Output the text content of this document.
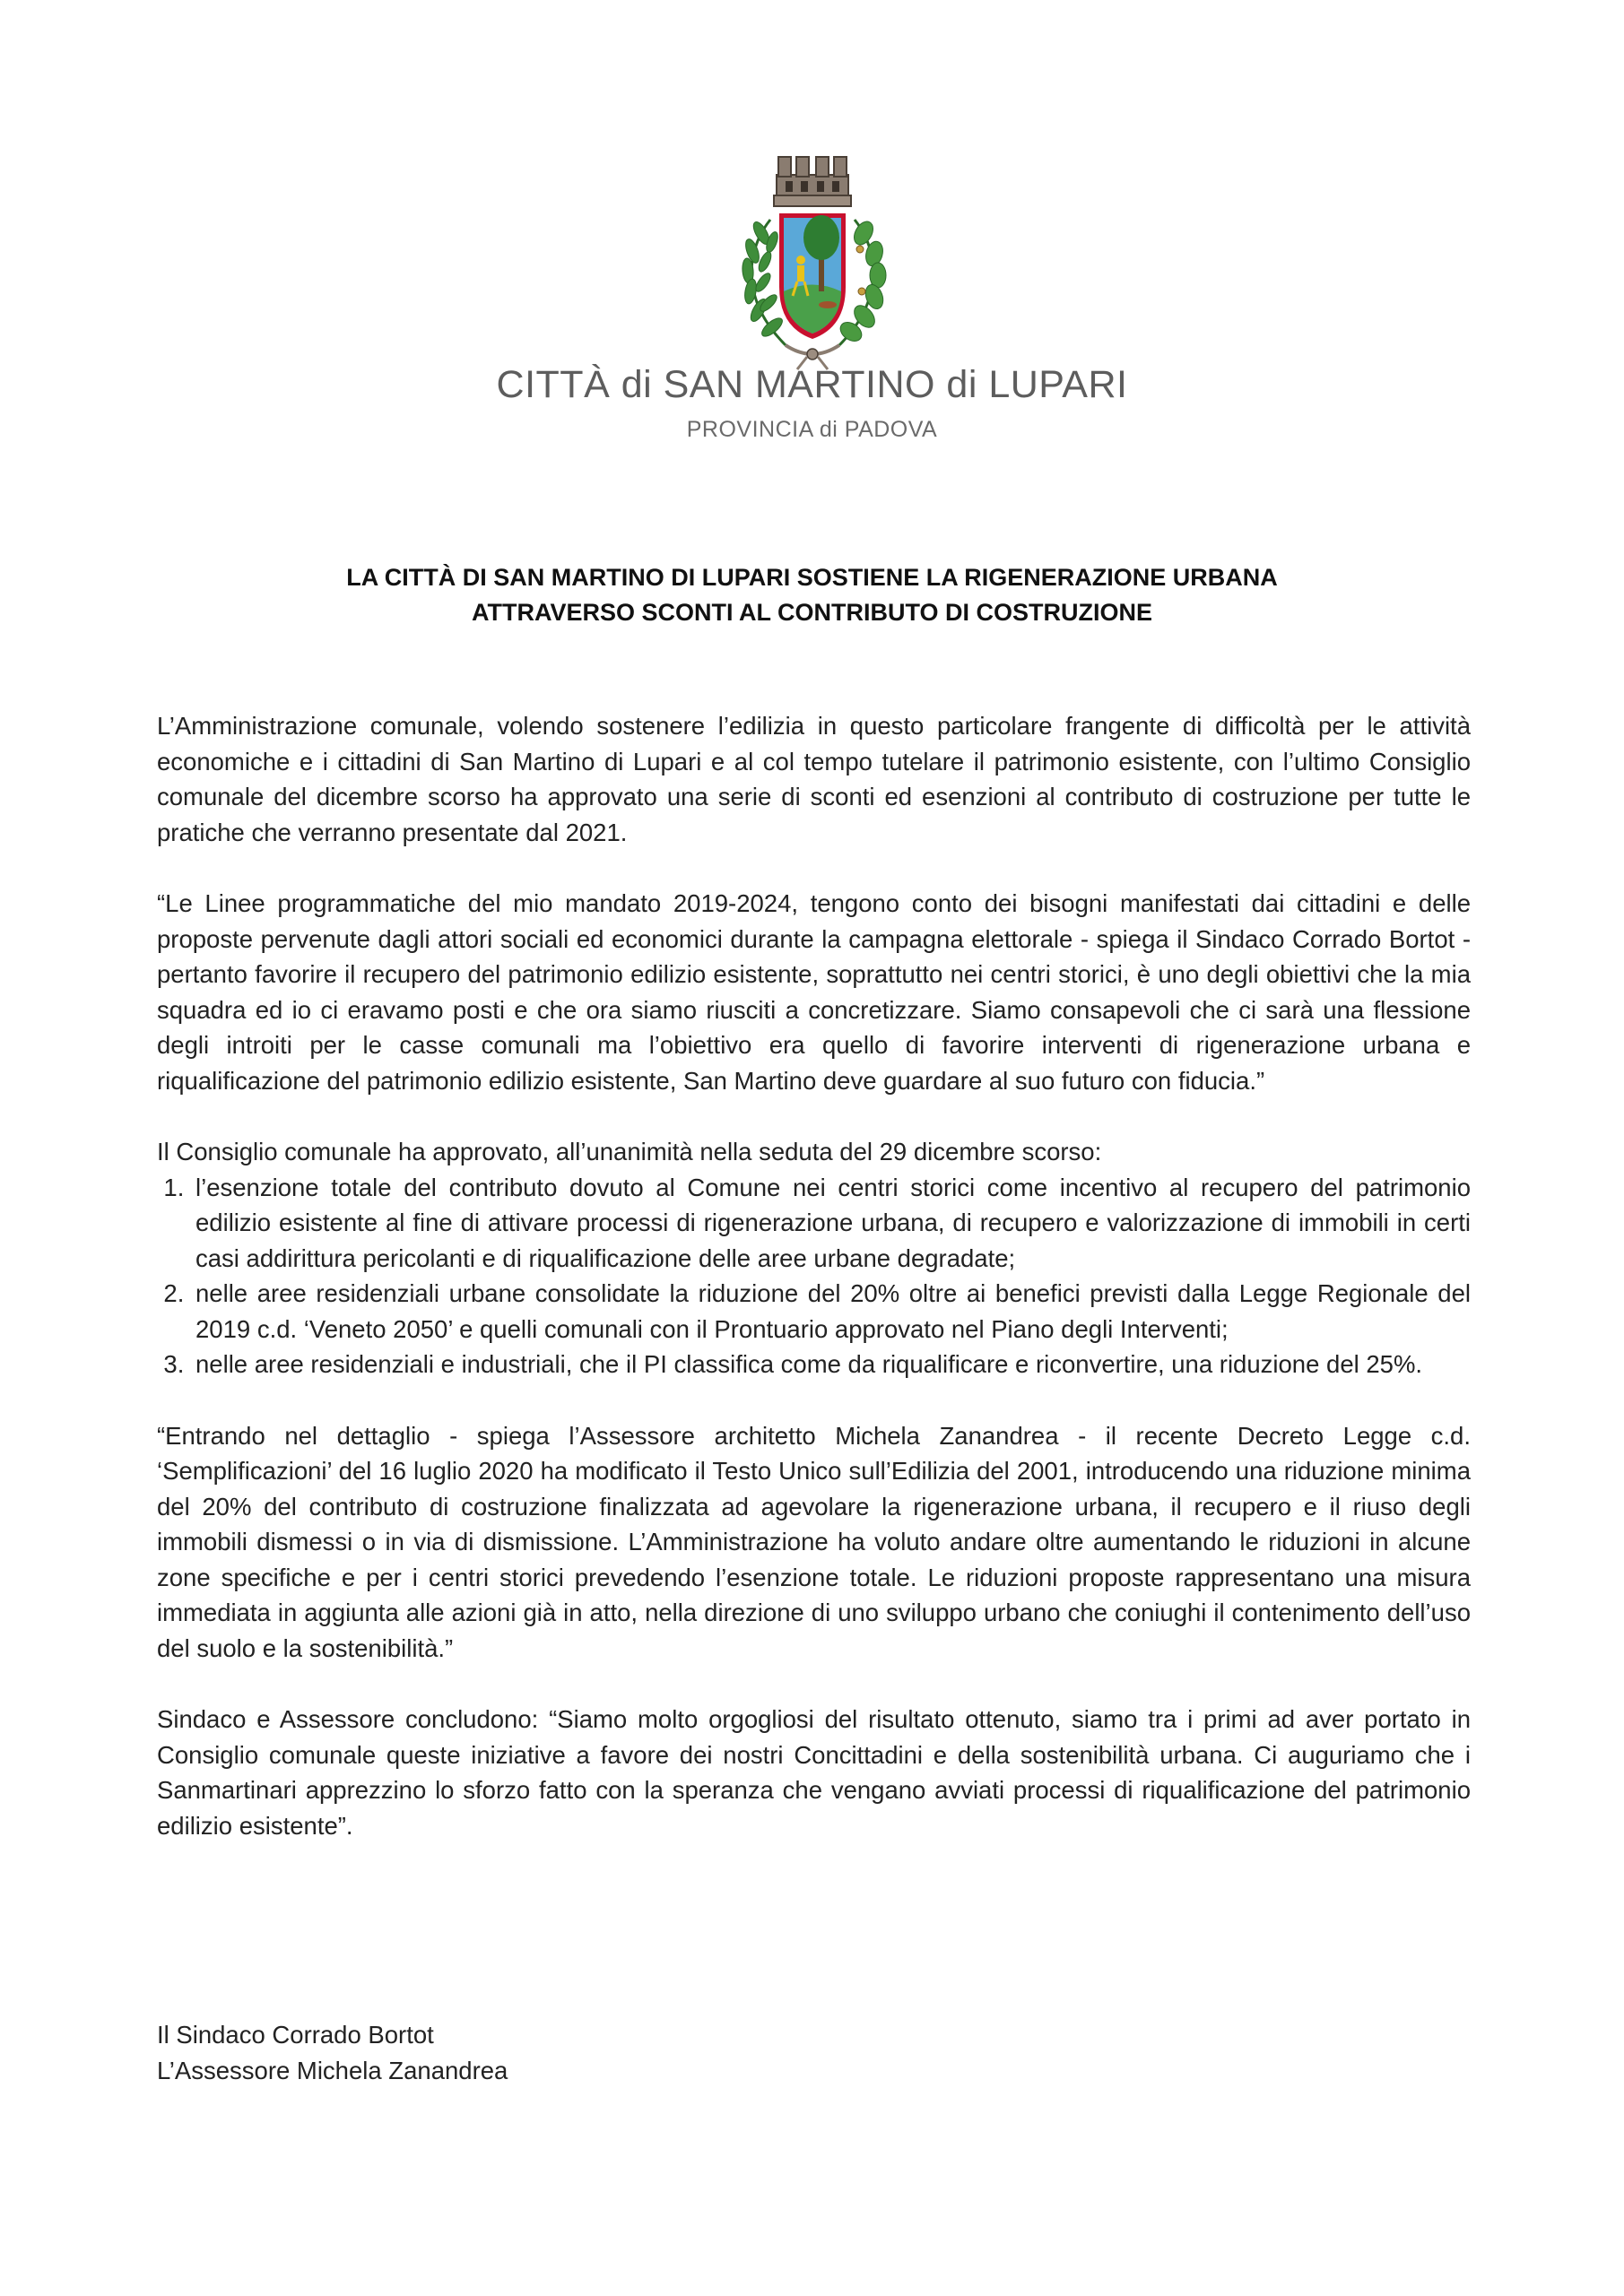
CITTÀ di SAN MARTINO di LUPARI
PROVINCIA di PADOVA
LA CITTÀ DI SAN MARTINO DI LUPARI SOSTIENE LA RIGENERAZIONE URBANA
ATTRAVERSO SCONTI AL CONTRIBUTO DI COSTRUZIONE

L’Amministrazione comunale, volendo sostenere l’edilizia in questo particolare frangente di difficoltà per le attività economiche e i cittadini di San Martino di Lupari e al col tempo tutelare il patrimonio esistente, con l’ultimo Consiglio comunale del dicembre scorso ha approvato una serie di sconti ed esenzioni al contributo di costruzione per tutte le pratiche che verranno presentate dal 2021.

“Le Linee programmatiche del mio mandato 2019-2024, tengono conto dei bisogni manifestati dai cittadini e delle proposte pervenute dagli attori sociali ed economici durante la campagna elettorale - spiega il Sindaco Corrado Bortot - pertanto favorire il recupero del patrimonio edilizio esistente, soprattutto nei centri storici, è uno degli obiettivi che la mia squadra ed io ci eravamo posti e che ora siamo riusciti a concretizzare. Siamo consapevoli che ci sarà una flessione degli introiti per le casse comunali ma l’obiettivo era quello di favorire interventi di rigenerazione urbana e riqualificazione del patrimonio edilizio esistente, San Martino deve guardare al suo futuro con fiducia.”

Il Consiglio comunale ha approvato, all’unanimità nella seduta del 29 dicembre scorso:

1. l’esenzione totale del contributo dovuto al Comune nei centri storici come incentivo al recupero del patrimonio edilizio esistente al fine di attivare processi di rigenerazione urbana, di recupero e valorizzazione di immobili in certi casi addirittura pericolanti e di riqualificazione delle aree urbane degradate;
2. nelle aree residenziali urbane consolidate la riduzione del 20% oltre ai benefici previsti dalla Legge Regionale del 2019 c.d. ‘Veneto 2050’ e quelli comunali con il Prontuario approvato nel Piano degli Interventi;
3. nelle aree residenziali e industriali, che il PI classifica come da riqualificare e riconvertire, una riduzione del 25%.

“Entrando nel dettaglio - spiega l’Assessore architetto Michela Zanandrea - il recente Decreto Legge c.d. ‘Semplificazioni’ del 16 luglio 2020 ha modificato il Testo Unico sull’Edilizia del 2001, introducendo una riduzione minima del 20% del contributo di costruzione finalizzata ad agevolare la rigenerazione urbana, il recupero e il riuso degli immobili dismessi o in via di dismissione. L’Amministrazione ha voluto andare oltre aumentando le riduzioni in alcune zone specifiche e per i centri storici prevedendo l’esenzione totale. Le riduzioni proposte rappresentano una misura immediata in aggiunta alle azioni già in atto, nella direzione di uno sviluppo urbano che coniughi il contenimento dell’uso del suolo e la sostenibilità.”

Sindaco e Assessore concludono: “Siamo molto orgogliosi del risultato ottenuto, siamo tra i primi ad aver portato in Consiglio comunale queste iniziative a favore dei nostri Concittadini e della sostenibilità urbana. Ci auguriamo che i Sanmartinari apprezzino lo sforzo fatto con la speranza che vengano avviati processi di riqualificazione del patrimonio edilizio esistente”.

Il Sindaco Corrado Bortot
L’Assessore Michela Zanandrea
